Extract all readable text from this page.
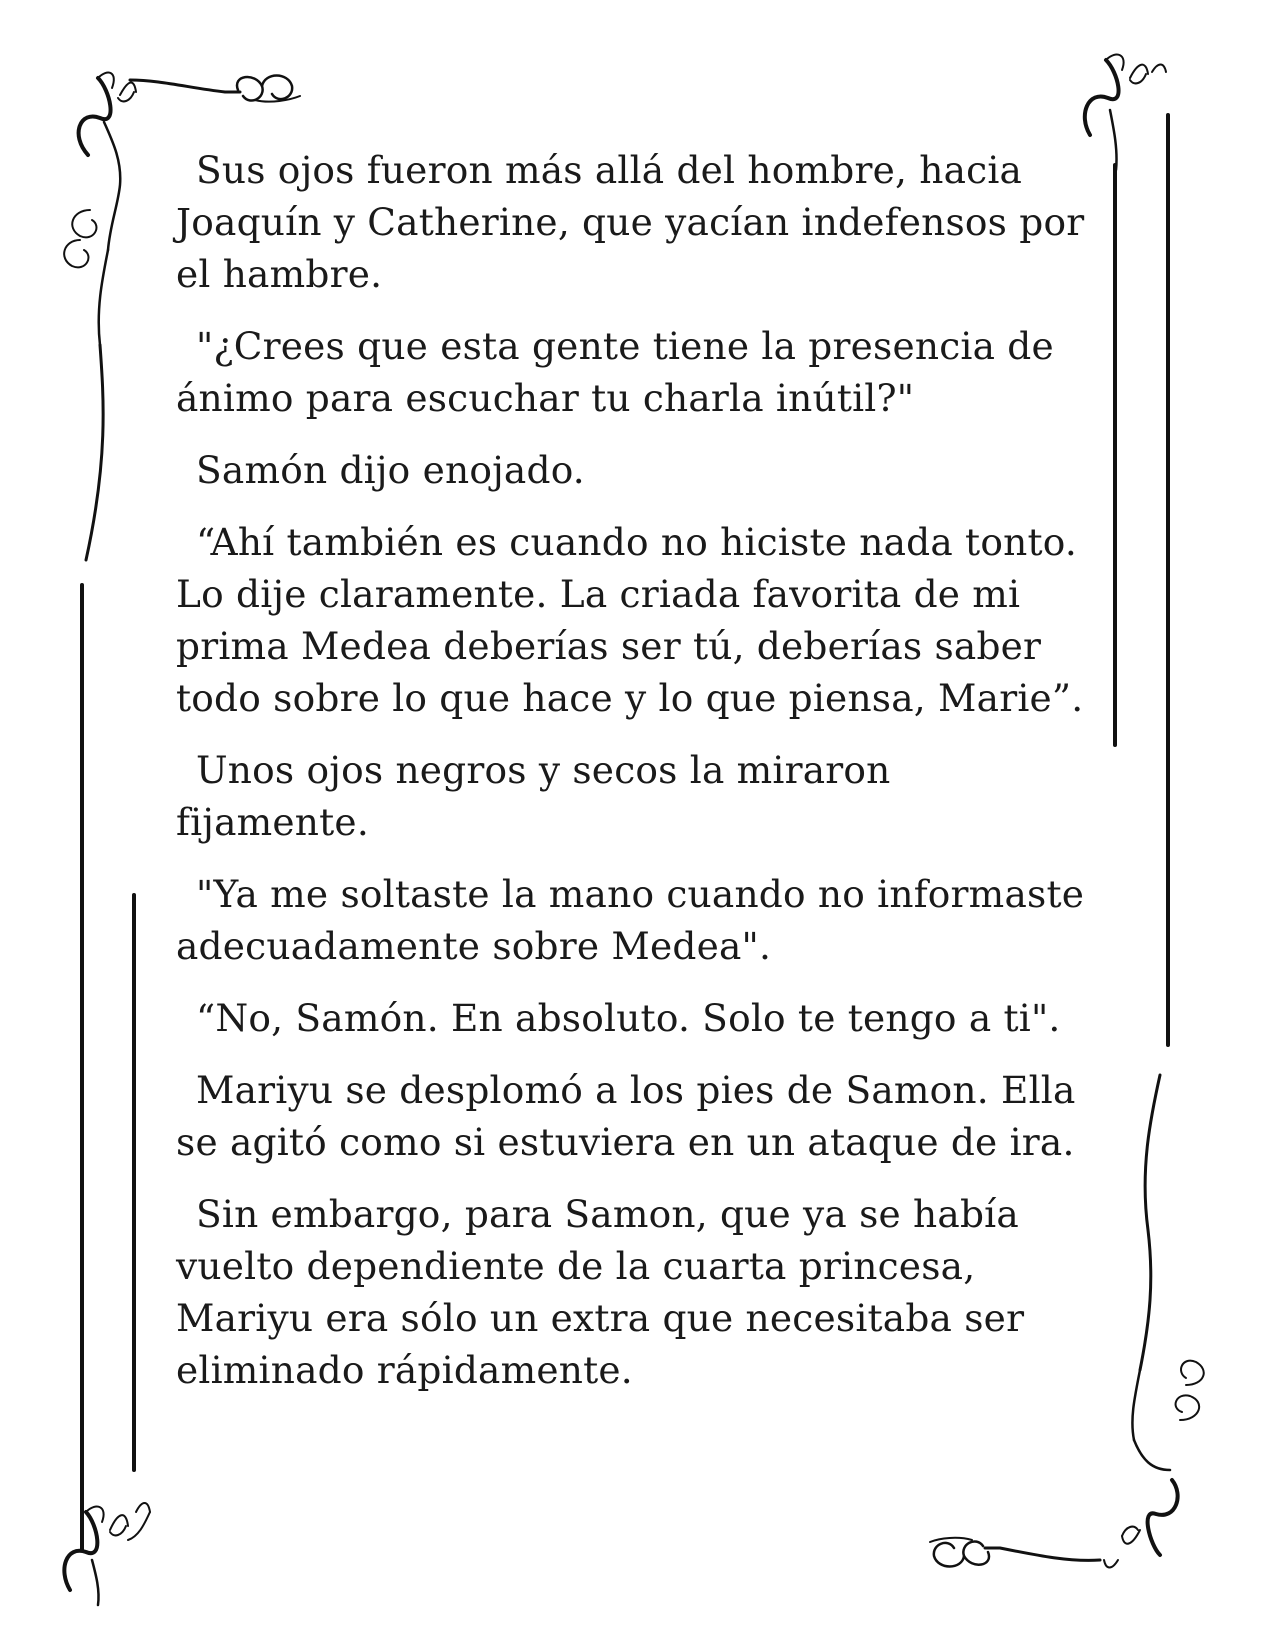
Sus ojos fueron más allá del hombre, hacia Joaquín y Catherine, que yacían indefensos por el hambre.

"¿Crees que esta gente tiene la presencia de ánimo para escuchar tu charla inútil?"

Samón dijo enojado.

“Ahí también es cuando no hiciste nada tonto. Lo dije claramente. La criada favorita de mi prima Medea deberías ser tú, deberías saber todo sobre lo que hace y lo que piensa, Marie”.

Unos ojos negros y secos la miraron fijamente.

"Ya me soltaste la mano cuando no informaste adecuadamente sobre Medea".

“No, Samón. En absoluto. Solo te tengo a ti".

Mariyu se desplomó a los pies de Samon. Ella se agitó como si estuviera en un ataque de ira.

Sin embargo, para Samon, que ya se había vuelto dependiente de la cuarta princesa, Mariyu era sólo un extra que necesitaba ser eliminado rápidamente.
